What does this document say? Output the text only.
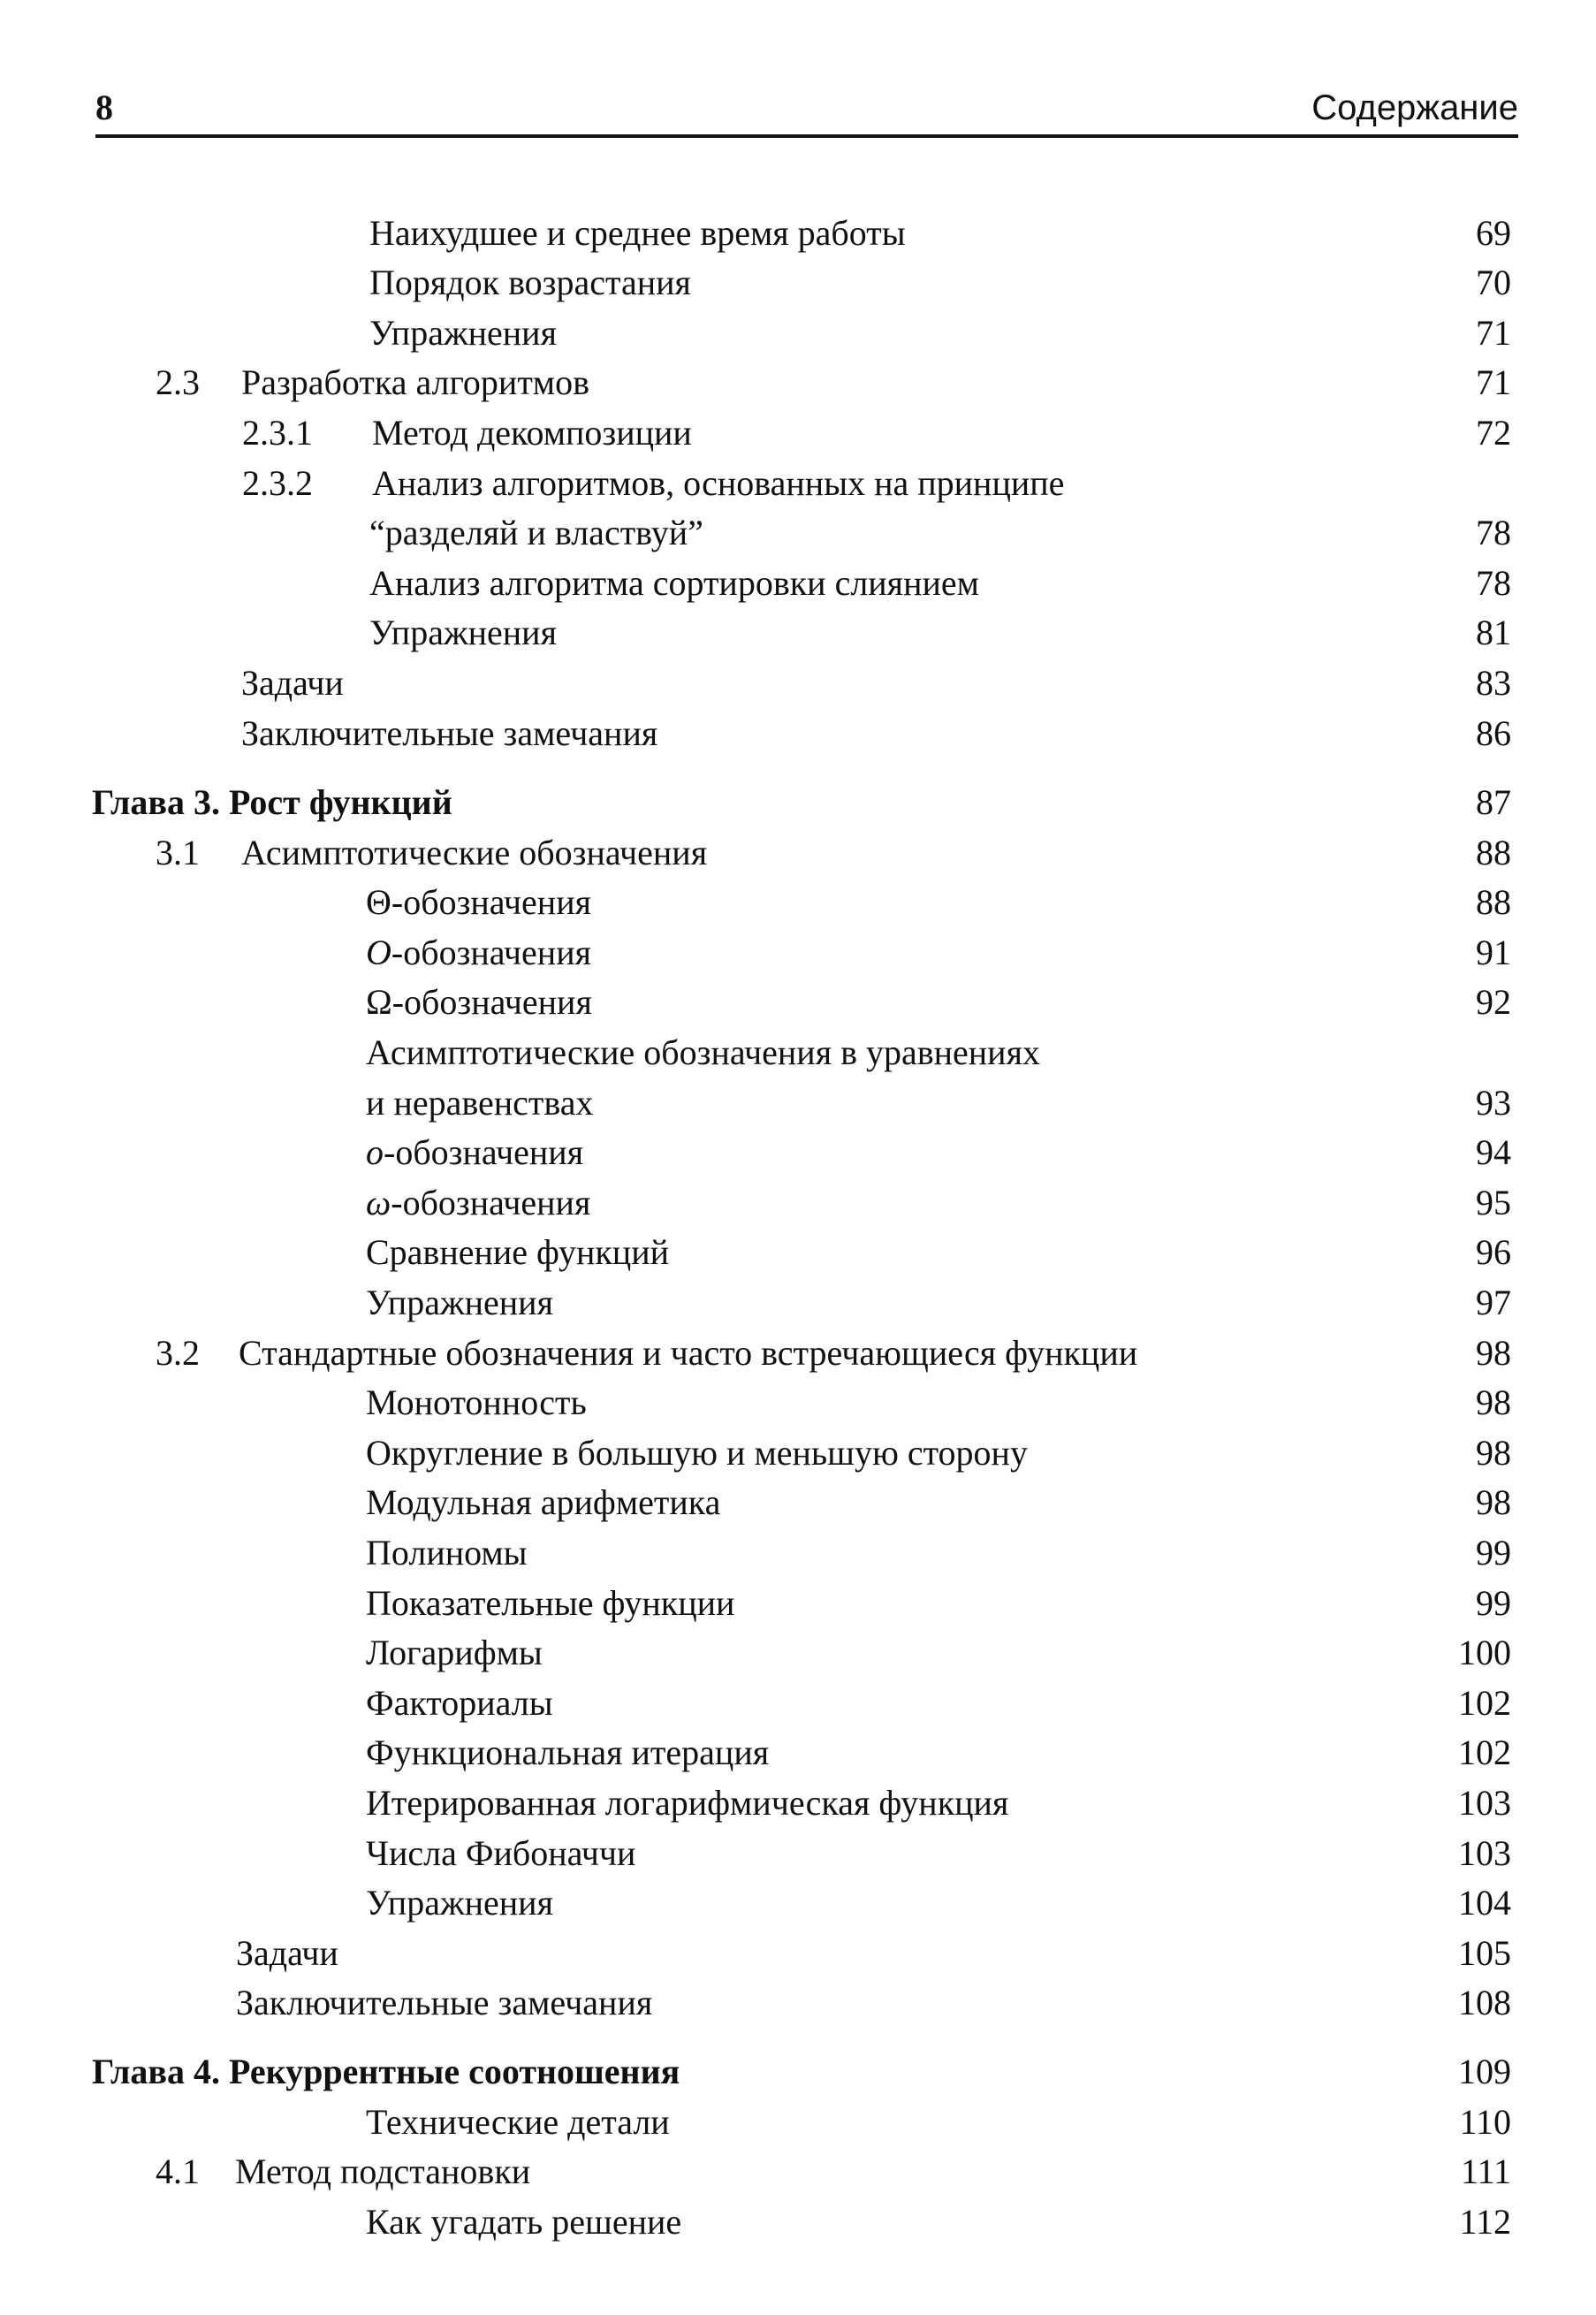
8	Содержание
Наихудшее и среднее время работы	69
Порядок возрастания	70
Упражнения	71
2.3 Разработка алгоритмов	71
2.3.1 Метод декомпозиции	72
2.3.2 Анализ алгоритмов, основанных на принципе
“разделяй и властвуй”	78
Анализ алгоритма сортировки слиянием	78
Упражнения	81
Задачи	83
Заключительные замечания	86
Глава 3. Рост функций	87
3.1 Асимптотические обозначения	88
Θ-обозначения	88
O-обозначения	91
Ω-обозначения	92
Асимптотические обозначения в уравнениях
и неравенствах	93
o-обозначения	94
ω-обозначения	95
Сравнение функций	96
Упражнения	97
3.2 Стандартные обозначения и часто встречающиеся функции	98
Монотонность	98
Округление в большую и меньшую сторону	98
Модульная арифметика	98
Полиномы	99
Показательные функции	99
Логарифмы	100
Факториалы	102
Функциональная итерация	102
Итерированная логарифмическая функция	103
Числа Фибоначчи	103
Упражнения	104
Задачи	105
Заключительные замечания	108
Глава 4. Рекуррентные соотношения	109
Технические детали	110
4.1 Метод подстановки	111
Как угадать решение	112
